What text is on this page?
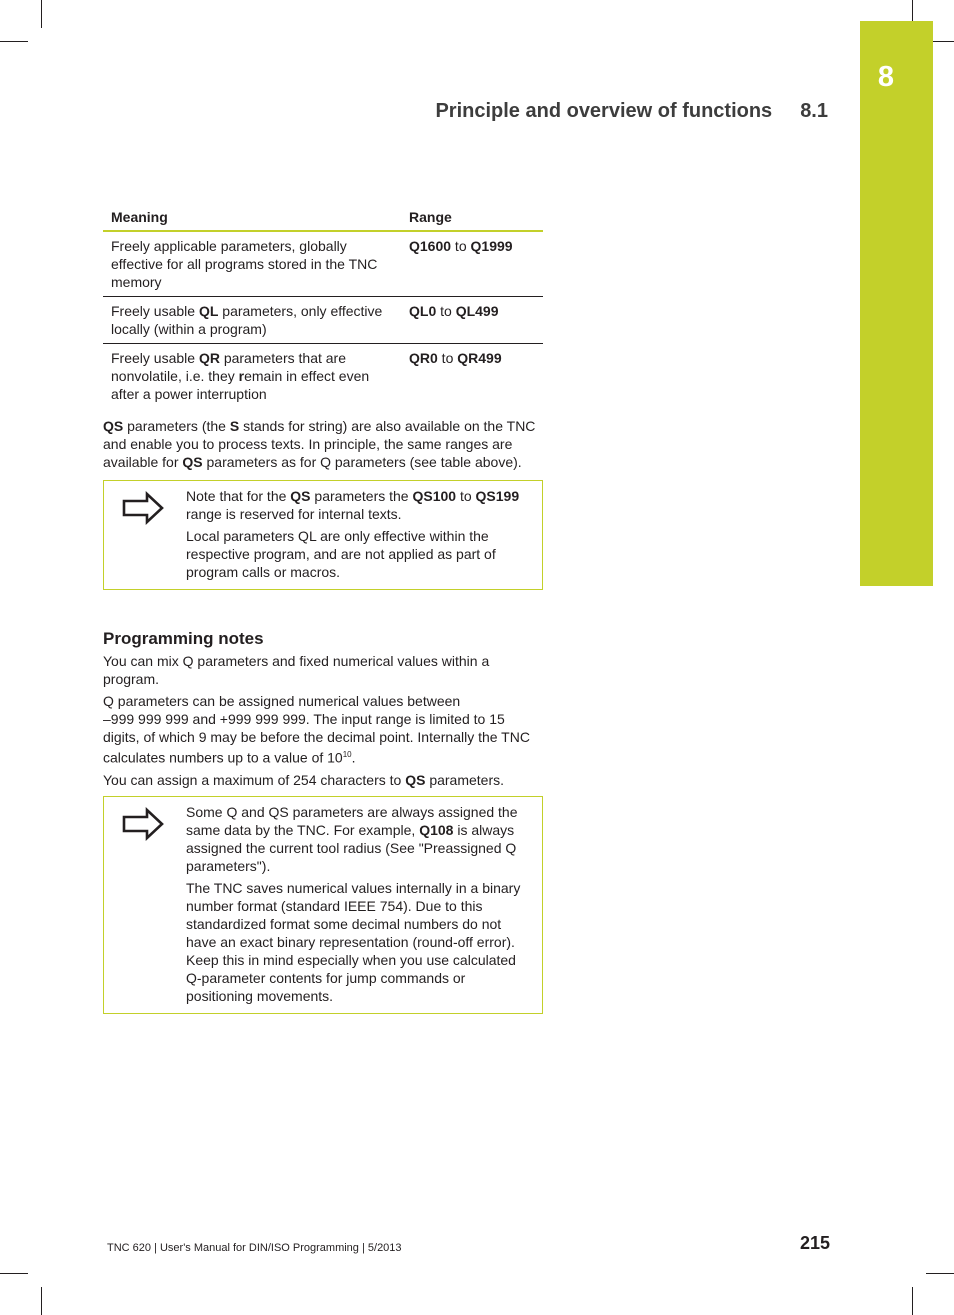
8
Principle and overview of functions 8.1
Meaning	Range
Freely applicable parameters, globally effective for all programs stored in the TNC memory	Q1600 to Q1999
Freely usable QL parameters, only effective locally (within a program)	QL0 to QL499
Freely usable QR parameters that are nonvolatile, i.e. they remain in effect even after a power interruption	QR0 to QR499

QS parameters (the S stands for string) are also available on the TNC and enable you to process texts. In principle, the same ranges are available for QS parameters as for Q parameters (see table above).

Note that for the QS parameters the QS100 to QS199 range is reserved for internal texts.

Local parameters QL are only effective within the respective program, and are not applied as part of program calls or macros.

Programming notes

You can mix Q parameters and fixed numerical values within a program.

Q parameters can be assigned numerical values between
–999 999 999 and +999 999 999. The input range is limited to 15 digits, of which 9 may be before the decimal point. Internally the TNC calculates numbers up to a value of $10^{10}$.

You can assign a maximum of 254 characters to QS parameters.

Some Q and QS parameters are always assigned the same data by the TNC. For example, Q108 is always assigned the current tool radius (See "Preassigned Q parameters").

The TNC saves numerical values internally in a binary number format (standard IEEE 754). Due to this standardized format some decimal numbers do not have an exact binary representation (round-off error). Keep this in mind especially when you use calculated Q-parameter contents for jump commands or positioning movements.

TNC 620 | User's Manual for DIN/ISO Programming | 5/2013	215
